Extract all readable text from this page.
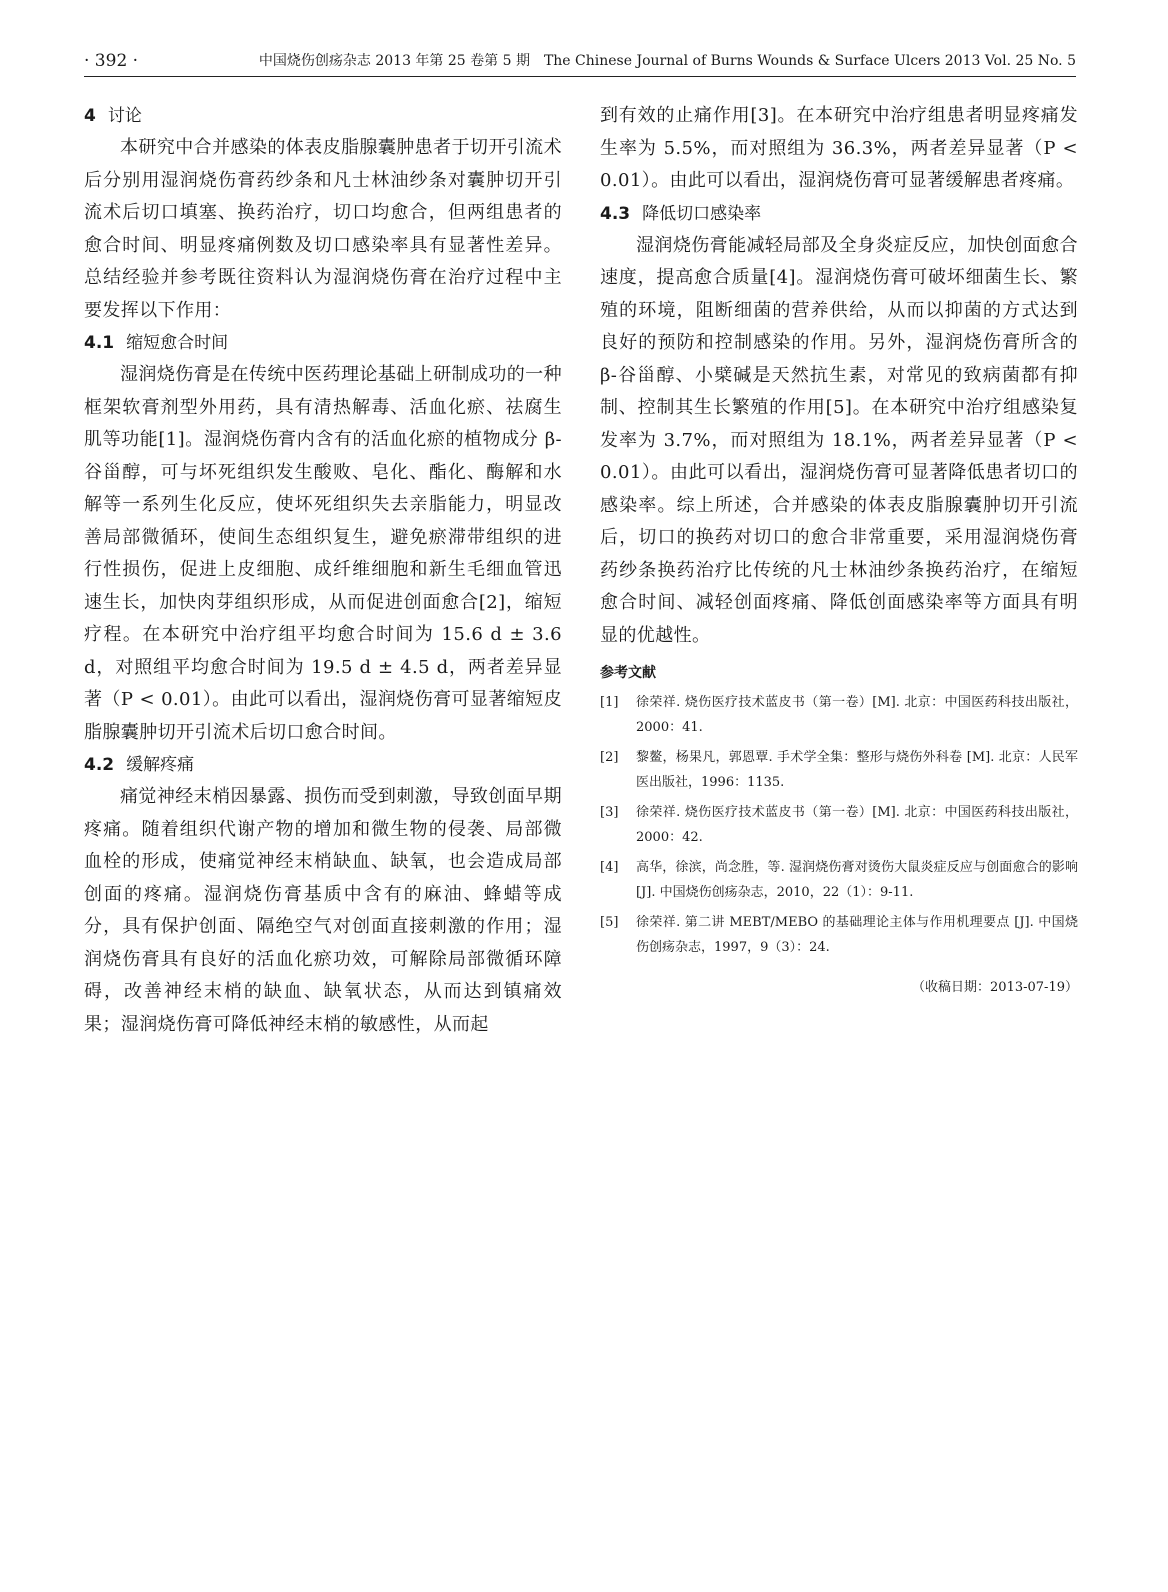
· 392 ·	中国烧伤创疡杂志 2013 年第 25 卷第 5 期　The Chinese Journal of Burns Wounds & Surface Ulcers 2013 Vol. 25 No. 5
4 讨论

本研究中合并感染的体表皮脂腺囊肿患者于切开引流术后分别用湿润烧伤膏药纱条和凡士林油纱条对囊肿切开引流术后切口填塞、换药治疗，切口均愈合，但两组患者的愈合时间、明显疼痛例数及切口感染率具有显著性差异。总结经验并参考既往资料认为湿润烧伤膏在治疗过程中主要发挥以下作用：

4.1 缩短愈合时间

湿润烧伤膏是在传统中医药理论基础上研制成功的一种框架软膏剂型外用药，具有清热解毒、活血化瘀、祛腐生肌等功能[1]。湿润烧伤膏内含有的活血化瘀的植物成分 β-谷甾醇，可与坏死组织发生酸败、皂化、酯化、酶解和水解等一系列生化反应，使坏死组织失去亲脂能力，明显改善局部微循环，使间生态组织复生，避免瘀滞带组织的进行性损伤，促进上皮细胞、成纤维细胞和新生毛细血管迅速生长，加快肉芽组织形成，从而促进创面愈合[2]，缩短疗程。在本研究中治疗组平均愈合时间为 15.6 d ± 3.6 d，对照组平均愈合时间为 19.5 d ± 4.5 d，两者差异显著（P < 0.01）。由此可以看出，湿润烧伤膏可显著缩短皮脂腺囊肿切开引流术后切口愈合时间。

4.2 缓解疼痛

痛觉神经末梢因暴露、损伤而受到刺激，导致创面早期疼痛。随着组织代谢产物的增加和微生物的侵袭、局部微血栓的形成，使痛觉神经末梢缺血、缺氧，也会造成局部创面的疼痛。湿润烧伤膏基质中含有的麻油、蜂蜡等成分，具有保护创面、隔绝空气对创面直接刺激的作用；湿润烧伤膏具有良好的活血化瘀功效，可解除局部微循环障碍，改善神经末梢的缺血、缺氧状态，从而达到镇痛效果；湿润烧伤膏可降低神经末梢的敏感性，从而起

到有效的止痛作用[3]。在本研究中治疗组患者明显疼痛发生率为 5.5%，而对照组为 36.3%，两者差异显著（P < 0.01）。由此可以看出，湿润烧伤膏可显著缓解患者疼痛。

4.3 降低切口感染率

湿润烧伤膏能减轻局部及全身炎症反应，加快创面愈合速度，提高愈合质量[4]。湿润烧伤膏可破坏细菌生长、繁殖的环境，阻断细菌的营养供给，从而以抑菌的方式达到良好的预防和控制感染的作用。另外，湿润烧伤膏所含的 β-谷甾醇、小檗碱是天然抗生素，对常见的致病菌都有抑制、控制其生长繁殖的作用[5]。在本研究中治疗组感染复发率为 3.7%，而对照组为 18.1%，两者差异显著（P < 0.01）。由此可以看出，湿润烧伤膏可显著降低患者切口的感染率。综上所述，合并感染的体表皮脂腺囊肿切开引流后，切口的换药对切口的愈合非常重要，采用湿润烧伤膏药纱条换药治疗比传统的凡士林油纱条换药治疗，在缩短愈合时间、减轻创面疼痛、降低创面感染率等方面具有明显的优越性。

参考文献

[1] 徐荣祥. 烧伤医疗技术蓝皮书（第一卷）[M]. 北京：中国医药科技出版社，2000：41.

[2] 黎鳌，杨果凡，郭恩覃. 手术学全集：整形与烧伤外科卷 [M]. 北京：人民军医出版社，1996：1135.

[3] 徐荣祥. 烧伤医疗技术蓝皮书（第一卷）[M]. 北京：中国医药科技出版社，2000：42.

[4] 高华，徐滨，尚念胜，等. 湿润烧伤膏对烫伤大鼠炎症反应与创面愈合的影响 [J]. 中国烧伤创疡杂志，2010，22（1）：9-11.

[5] 徐荣祥. 第二讲 MEBT/MEBO 的基础理论主体与作用机理要点 [J]. 中国烧伤创疡杂志，1997，9（3）：24.

（收稿日期：2013-07-19）
